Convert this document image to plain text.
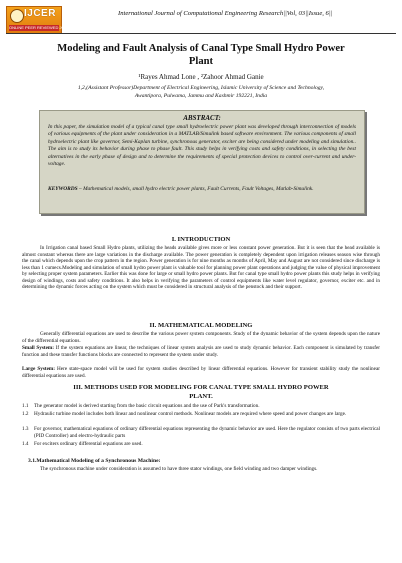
IJCER
ONLINE PEER REVIEWED JOURNAL
International Journal of Computational Engineering Research||Vol, 03||Issue, 6||
Modeling and Fault Analysis of Canal Type Small Hydro Power
Plant
¹Rayes Ahmad Lone , ²Zahoor Ahmad Ganie
1,2,(Assistant Professor)Department of Electrical Engineering, Islamic University of Science and Technology,
Awantipora, Pulwama, Jammu and Kashmir 192221, India
ABSTRACT:
In this paper, the simulation model of a typical canal type small hydroelectric power plant was developed through interconnection of models of various equipments of the plant under consideration in a MATLAB/Simulink based software environment. The various components of small hydroelectric plant like governor, Semi-Kaplan turbine, synchronous generator, exciter are being considered under modeling and simulation.. The aim is to study its behavior during phase to phase fault. This study helps in verifying costs and safety conditions, in selecting the best alternatives in the early phase of design and to determine the requirements of special protection devices to control over-current and under-voltage.
KEYWORDS – Mathematical models, small hydro electric power plants, Fault Currents, Fault Voltages, Matlab-Simulink.
I. INTRODUCTION
In Irrigation canal based Small Hydro plants, utilizing the heads available gives more or less constant power generation. But it is seen that the head available is almost constant whereas there are large variations in the discharge available. The power generation is completely dependent upon irrigation releases season wise through the canal which depends upon the crop pattern in the region. Power generation is for nine months as months of April, May and August are not considered since discharge is less than 1 cumecs.Modeling and simulation of small hydro power plant is valuable tool for planning power plant operations and judging the value of physical improvement by selecting proper system parameters. Earlier this was done for large or small hydro power plants. But for canal type small hydro power plants this study helps in verifying design of windings, costs and safety conditions. It also helps in verifying the parameters of control equipments like water level regulator, governor, exciter etc. and in determining the dynamic forces acting on the system which must be considered in structural analysis of the penstock and their support.
II. MATHEMATICAL MODELING
Generally differential equations are used to describe the various power system components. Study of the dynamic behavior of the system depends upon the nature of the differential equations.
Small System: If the system equations are linear, the techniques of linear system analysis are used to study dynamic behavior. Each component is simulated by transfer function and these transfer functions blocks are connected to represent the system under study.
Large System: Here state-space model will be used for system studies described by linear differential equations. However for transient stability study the nonlinear differential equations are used.
III. METHODS USED FOR MODELING FOR CANAL TYPE SMALL HYDRO POWER
PLANT.
1.1 The generator model is derived starting from the basic circuit equations and the use of Park's transformation.
1.2 Hydraulic turbine model includes both linear and nonlinear control methods. Nonlinear models are required where speed and power changes are large.
1.3 For governor, mathematical equations of ordinary differential equations representing the dynamic behavior are used. Here the regulator consists of two parts electrical (PID Controller) and electro-hydraulic parts
1.4 For exciters ordinary differential equations are used.
3.1.Mathematical Modeling of a Synchronous Machine:
The synchronous machine under consideration is assumed to have three stator windings, one field winding and two damper windings.
